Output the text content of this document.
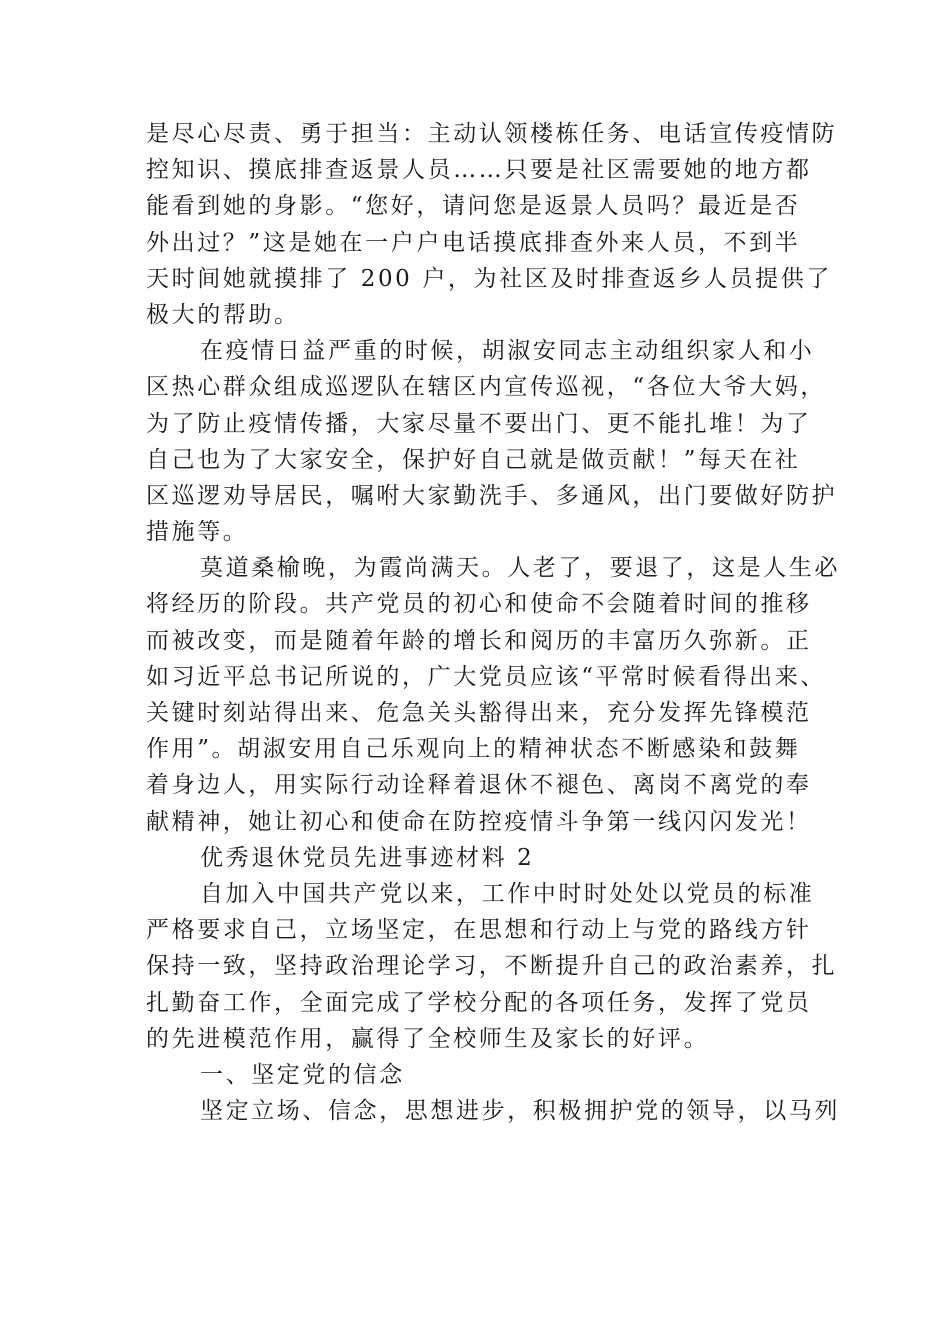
是尽心尽责、勇于担当：主动认领楼栋任务、电话宣传疫情防
控知识、摸底排查返景人员……只要是社区需要她的地方都
能看到她的身影。“您好，请问您是返景人员吗？最近是否
外出过？”这是她在一户户电话摸底排查外来人员，不到半
天时间她就摸排了 200 户，为社区及时排查返乡人员提供了
极大的帮助。
在疫情日益严重的时候，胡淑安同志主动组织家人和小
区热心群众组成巡逻队在辖区内宣传巡视，“各位大爷大妈，
为了防止疫情传播，大家尽量不要出门、更不能扎堆！为了
自己也为了大家安全，保护好自己就是做贡献！”每天在社
区巡逻劝导居民，嘱咐大家勤洗手、多通风，出门要做好防护
措施等。
莫道桑榆晚，为霞尚满天。人老了，要退了，这是人生必
将经历的阶段。共产党员的初心和使命不会随着时间的推移
而被改变，而是随着年龄的增长和阅历的丰富历久弥新。正
如习近平总书记所说的，广大党员应该“平常时候看得出来、
关键时刻站得出来、危急关头豁得出来，充分发挥先锋模范
作用”。胡淑安用自己乐观向上的精神状态不断感染和鼓舞
着身边人，用实际行动诠释着退休不褪色、离岗不离党的奉
献精神，她让初心和使命在防控疫情斗争第一线闪闪发光！
优秀退休党员先进事迹材料 2
自加入中国共产党以来，工作中时时处处以党员的标准
严格要求自己，立场坚定，在思想和行动上与党的路线方针
保持一致，坚持政治理论学习，不断提升自己的政治素养，扎
扎勤奋工作，全面完成了学校分配的各项任务，发挥了党员
的先进模范作用，赢得了全校师生及家长的好评。
一、坚定党的信念
坚定立场、信念，思想进步，积极拥护党的领导，以马列
